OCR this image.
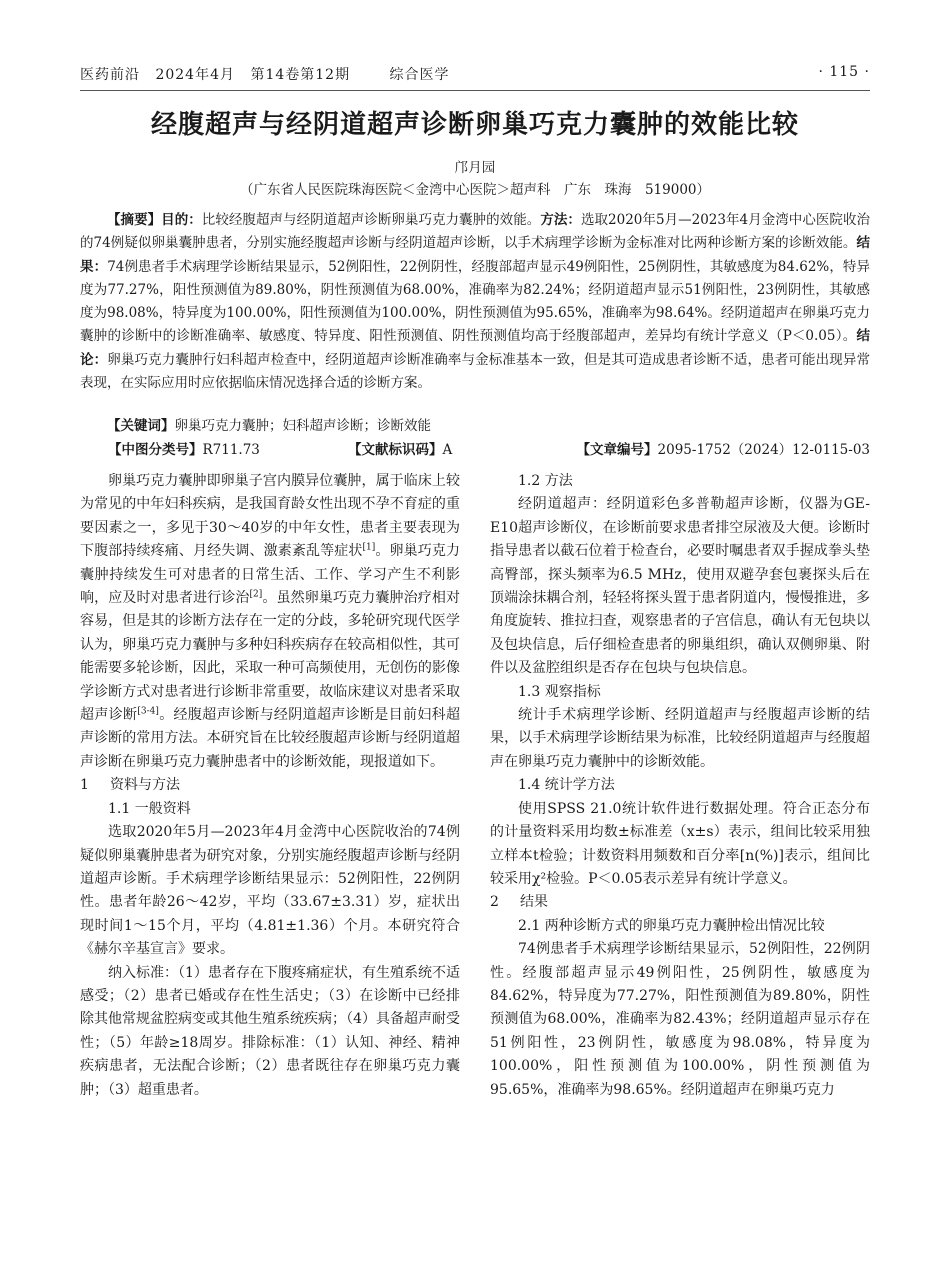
医药前沿 2024年4月 第14卷第12期	综合医学	· 115 ·
经腹超声与经阴道超声诊断卵巢巧克力囊肿的效能比较
邝月园
（广东省人民医院珠海医院＜金湾中心医院＞超声科　广东　珠海　519000）
【摘要】目的：比较经腹超声与经阴道超声诊断卵巢巧克力囊肿的效能。方法：选取2020年5月—2023年4月金湾中心医院收治的74例疑似卵巢囊肿患者，分别实施经腹超声诊断与经阴道超声诊断，以手术病理学诊断为金标准对比两种诊断方案的诊断效能。结果：74例患者手术病理学诊断结果显示，52例阳性，22例阴性，经腹部超声显示49例阳性，25例阴性，其敏感度为84.62%，特异度为77.27%，阳性预测值为89.80%，阴性预测值为68.00%，准确率为82.24%；经阴道超声显示51例阳性，23例阴性，其敏感度为98.08%，特异度为100.00%，阳性预测值为100.00%，阴性预测值为95.65%，准确率为98.64%。经阴道超声在卵巢巧克力囊肿的诊断中的诊断准确率、敏感度、特异度、阳性预测值、阴性预测值均高于经腹部超声，差异均有统计学意义（P＜0.05）。结论：卵巢巧克力囊肿行妇科超声检查中，经阴道超声诊断准确率与金标准基本一致，但是其可造成患者诊断不适，患者可能出现异常表现，在实际应用时应依据临床情况选择合适的诊断方案。
【关键词】卵巢巧克力囊肿；妇科超声诊断；诊断效能
【中图分类号】R711.73	【文献标识码】A	【文章编号】2095-1752（2024）12-0115-03

卵巢巧克力囊肿即卵巢子宫内膜异位囊肿，属于临床上较为常见的中年妇科疾病，是我国育龄女性出现不孕不育症的重要因素之一，多见于30～40岁的中年女性，患者主要表现为下腹部持续疼痛、月经失调、激素紊乱等症状[1]。卵巢巧克力囊肿持续发生可对患者的日常生活、工作、学习产生不利影响，应及时对患者进行诊治[2]。虽然卵巢巧克力囊肿治疗相对容易，但是其的诊断方法存在一定的分歧，多轮研究现代医学认为，卵巢巧克力囊肿与多种妇科疾病存在较高相似性，其可能需要多轮诊断，因此，采取一种可高频使用，无创伤的影像学诊断方式对患者进行诊断非常重要，故临床建议对患者采取超声诊断[3-4]。经腹超声诊断与经阴道超声诊断是目前妇科超声诊断的常用方法。本研究旨在比较经腹超声诊断与经阴道超声诊断在卵巢巧克力囊肿患者中的诊断效能，现报道如下。

1 资料与方法

1.1 一般资料

选取2020年5月—2023年4月金湾中心医院收治的74例疑似卵巢囊肿患者为研究对象，分别实施经腹超声诊断与经阴道超声诊断。手术病理学诊断结果显示：52例阳性，22例阴性。患者年龄26～42岁，平均（33.67±3.31）岁，症状出现时间1～15个月，平均（4.81±1.36）个月。本研究符合《赫尔辛基宣言》要求。

纳入标准：（1）患者存在下腹疼痛症状，有生殖系统不适感受；（2）患者已婚或存在性生活史；（3）在诊断中已经排除其他常规盆腔病变或其他生殖系统疾病；（4）具备超声耐受性；（5）年龄≥18周岁。排除标准：（1）认知、神经、精神疾病患者，无法配合诊断；（2）患者既往存在卵巢巧克力囊肿；（3）超重患者。

1.2 方法

经阴道超声：经阴道彩色多普勒超声诊断，仪器为GE-E10超声诊断仪，在诊断前要求患者排空尿液及大便。诊断时指导患者以截石位着于检查台，必要时嘱患者双手握成拳头垫高臀部，探头频率为6.5 MHz，使用双避孕套包裹探头后在顶端涂抹耦合剂，轻轻将探头置于患者阴道内，慢慢推进，多角度旋转、推拉扫查，观察患者的子宫信息，确认有无包块以及包块信息，后仔细检查患者的卵巢组织，确认双侧卵巢、附件以及盆腔组织是否存在包块与包块信息。

1.3 观察指标

统计手术病理学诊断、经阴道超声与经腹超声诊断的结果，以手术病理学诊断结果为标准，比较经阴道超声与经腹超声在卵巢巧克力囊肿中的诊断效能。

1.4 统计学方法

使用SPSS 21.0统计软件进行数据处理。符合正态分布的计量资料采用均数±标准差（x±s）表示，组间比较采用独立样本t检验；计数资料用频数和百分率[n(%)]表示，组间比较采用χ²检验。P＜0.05表示差异有统计学意义。

2 结果

2.1 两种诊断方式的卵巢巧克力囊肿检出情况比较

74例患者手术病理学诊断结果显示，52例阳性，22例阴性。经腹部超声显示49例阳性，25例阴性，敏感度为84.62%，特异度为77.27%，阳性预测值为89.80%，阴性预测值为68.00%，准确率为82.43%；经阴道超声显示存在51例阳性，23例阴性，敏感度为98.08%，特异度为100.00%，阳性预测值为100.00%，阴性预测值为95.65%，准确率为98.65%。经阴道超声在卵巢巧克力
